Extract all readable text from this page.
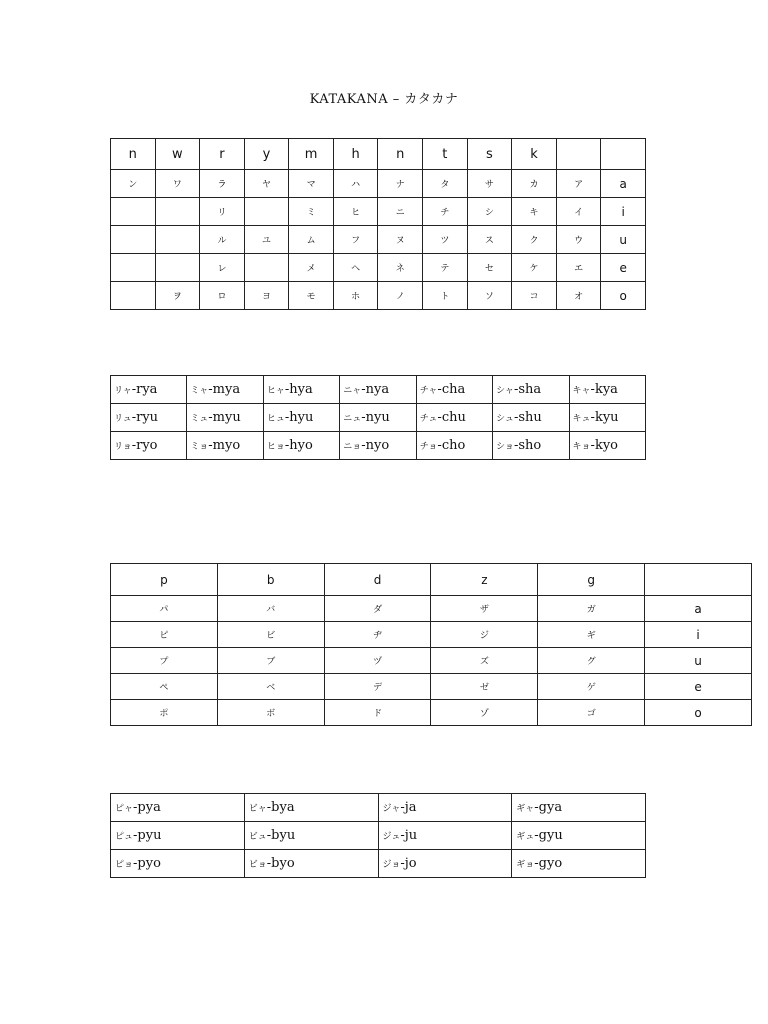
KATAKANA – カタカナ
n	w	r	y	m	h	n	t	s	k		
ン	ワ	ラ	ヤ	マ	ハ	ナ	タ	サ	カ	ア	a
		リ		ミ	ヒ	ニ	チ	シ	キ	イ	i
		ル	ユ	ム	フ	ヌ	ツ	ス	ク	ウ	u
		レ		メ	ヘ	ネ	テ	セ	ケ	エ	e
	ヲ	ロ	ヨ	モ	ホ	ノ	ト	ソ	コ	オ	o
リャ-rya	ミャ-mya	ヒャ-hya	ニャ-nya	チャ-cha	シャ-sha	キャ-kya
リュ-ryu	ミュ-myu	ヒュ-hyu	ニュ-nyu	チュ-chu	シュ-shu	キュ-kyu
リョ-ryo	ミョ-myo	ヒョ-hyo	ニョ-nyo	チョ-cho	ショ-sho	キョ-kyo
p	b	d	z	g	
パ	バ	ダ	ザ	ガ	a
ピ	ビ	ヂ	ジ	ギ	i
プ	ブ	ヅ	ズ	グ	u
ペ	ベ	デ	ゼ	ゲ	e
ポ	ボ	ド	ゾ	ゴ	o
ピャ-pya	ビャ-bya	ジャ-ja	ギャ-gya
ピュ-pyu	ビュ-byu	ジュ-ju	ギュ-gyu
ピョ-pyo	ビョ-byo	ジョ-jo	ギョ-gyo
